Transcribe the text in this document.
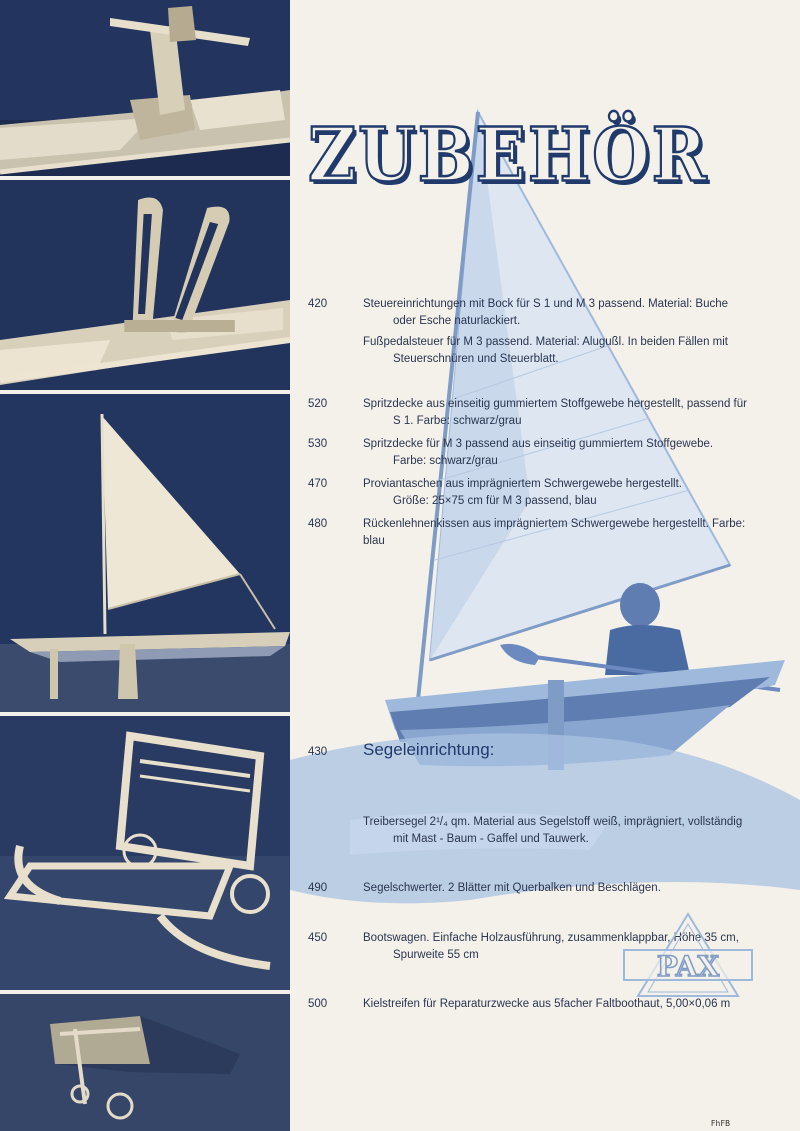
ZUBEHÖR
420	Steuereinrichtungen mit Bock für S 1 und M 3 passend. Material: Buche
oder Esche naturlackiert.
Fußpedalsteuer für M 3 passend. Material: Alugußl. In beiden Fällen mit
Steuerschnüren und Steuerblatt.
520	Spritzdecke aus einseitig gummiertem Stoffgewebe hergestellt, passend für
S 1. Farbe: schwarz/grau
530	Spritzdecke für M 3 passend aus einseitig gummiertem Stoffgewebe.
Farbe: schwarz/grau
470	Proviantaschen aus imprägniertem Schwergewebe hergestellt.
Größe: 25×75 cm für M 3 passend, blau
480	Rückenlehnenkissen aus imprägniertem Schwergewebe hergestellt. Farbe: blau
430 Segeleinrichtung:
Treibersegel 2¹/₄ qm. Material aus Segelstoff weiß, imprägniert, vollständig
mit Mast - Baum - Gaffel und Tauwerk.
490	Segelschwerter. 2 Blätter mit Querbalken und Beschlägen.
450	Bootswagen. Einfache Holzausführung, zusammenklappbar, Höhe 35 cm,
Spurweite 55 cm	PAX
500	Kielstreifen für Reparaturzwecke aus 5facher Faltboothaut, 5,00×0,06 m
FhFB
